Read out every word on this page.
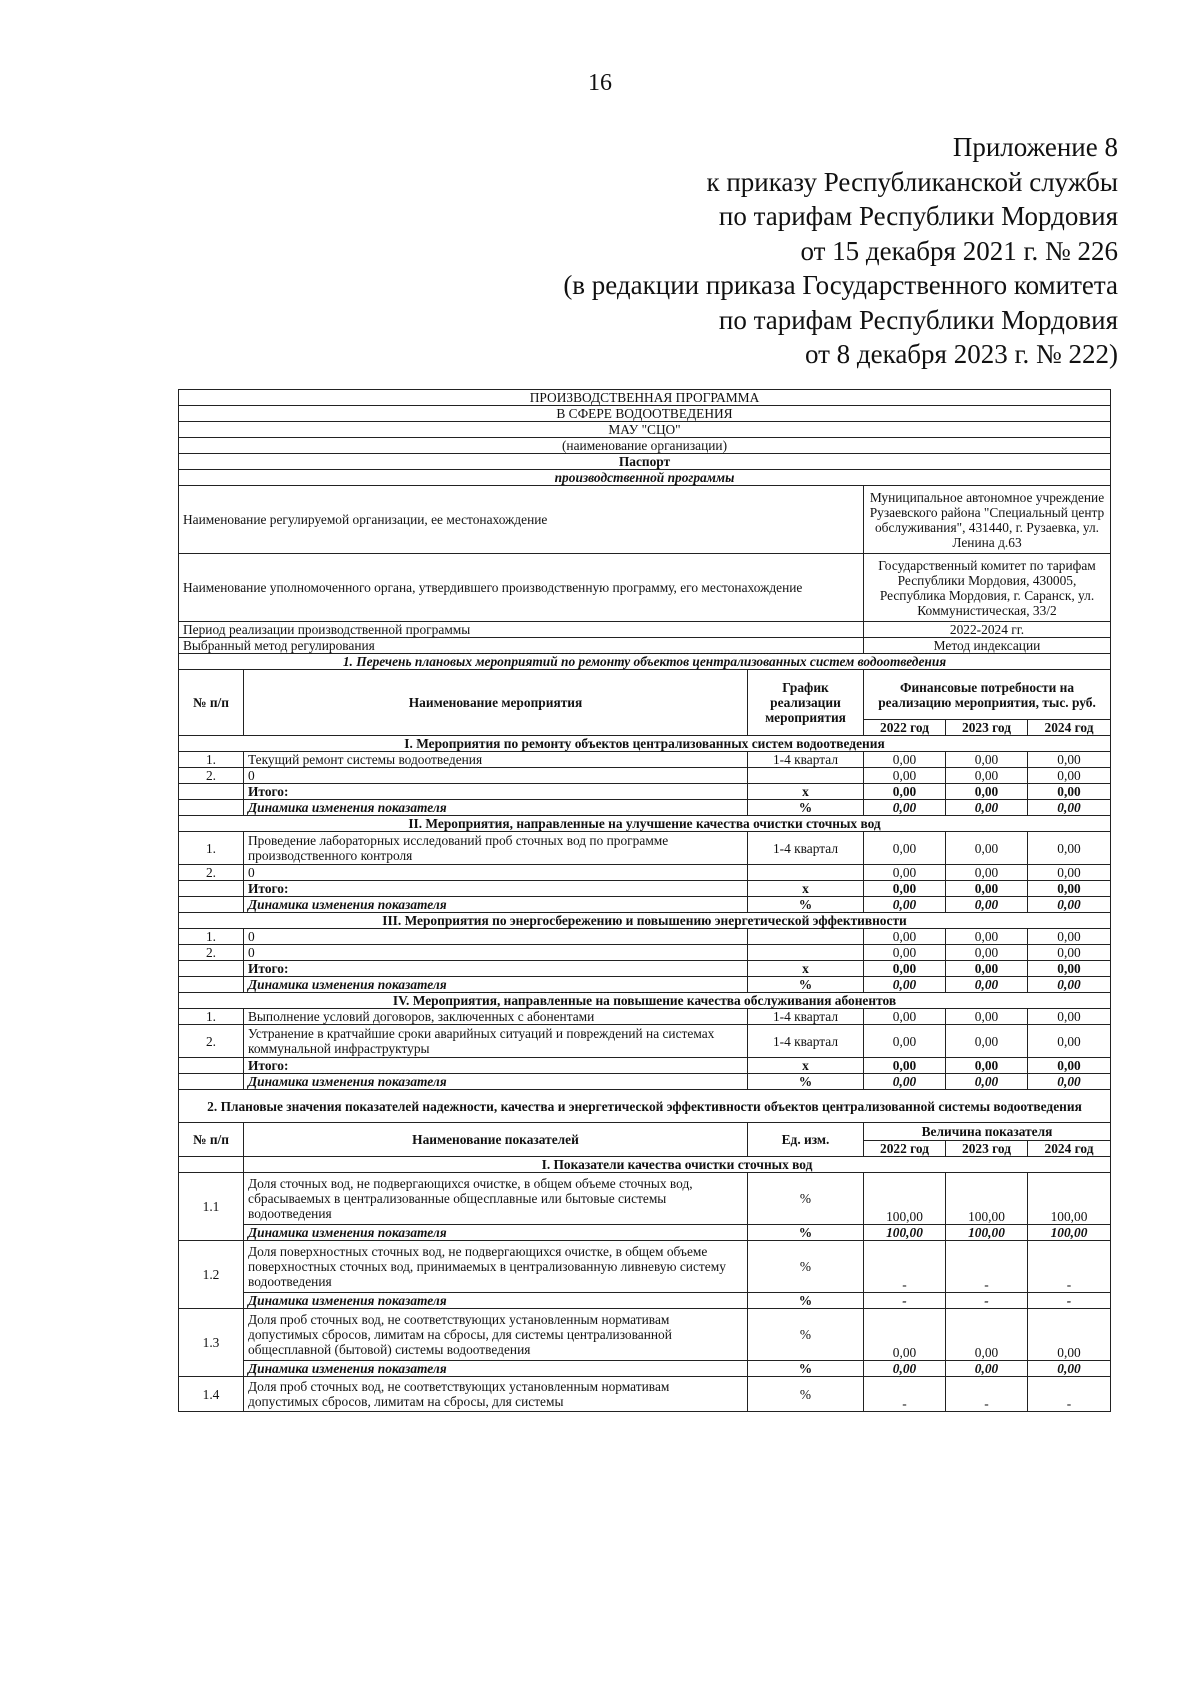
16
Приложение 8
к приказу Республиканской службы
по тарифам Республики Мордовия
от 15 декабря 2021 г. № 226
(в редакции приказа Государственного комитета
по тарифам Республики Мордовия
от 8 декабря 2023 г. № 222)
ПРОИЗВОДСТВЕННАЯ ПРОГРАММА					
В СФЕРЕ ВОДООТВЕДЕНИЯ					
МАУ "СЦО"					
(наименование организации)					
Паспорт					
производственной программы					
Наименование регулируемой организации, ее местонахождение			Муниципальное автономное учреждение Рузаевского района "Специальный центр обслуживания", 431440, г. Рузаевка, ул. Ленина д.63		
Наименование уполномоченного органа, утвердившего производственную программу, его местонахождение			Государственный комитет по тарифам Республики Мордовия, 430005, Республика Мордовия, г. Саранск, ул. Коммунистическая, 33/2		
Период реализации производственной программы			2022-2024 гг.		
Выбранный метод регулирования			Метод индексации		
1. Перечень плановых мероприятий по ремонту объектов централизованных систем водоотведения					
№ п/п	Наименование мероприятия	График реализации мероприятия	Финансовые потребности на реализацию мероприятия, тыс. руб.		
			2022 год	2023 год	2024 год
I. Мероприятия по ремонту объектов централизованных систем водоотведения					
1.	Текущий ремонт системы водоотведения	1-4 квартал	0,00	0,00	0,00
2.	0		0,00	0,00	0,00
	Итого:	х	0,00	0,00	0,00
	Динамика изменения показателя	%	0,00	0,00	0,00
II. Мероприятия, направленные на улучшение качества очистки сточных вод					
1.	Проведение лабораторных исследований проб сточных вод по программе производственного контроля	1-4 квартал	0,00	0,00	0,00
2.	0		0,00	0,00	0,00
	Итого:	х	0,00	0,00	0,00
	Динамика изменения показателя	%	0,00	0,00	0,00
III. Мероприятия по энергосбережению и повышению энергетической эффективности					
1.	0		0,00	0,00	0,00
2.	0		0,00	0,00	0,00
	Итого:	х	0,00	0,00	0,00
	Динамика изменения показателя	%	0,00	0,00	0,00
IV. Мероприятия, направленные на повышение качества обслуживания абонентов					
1.	Выполнение условий договоров, заключенных с абонентами	1-4 квартал	0,00	0,00	0,00
2.	Устранение в кратчайшие сроки аварийных ситуаций и повреждений на системах коммунальной инфраструктуры	1-4 квартал	0,00	0,00	0,00
	Итого:	х	0,00	0,00	0,00
	Динамика изменения показателя	%	0,00	0,00	0,00
2. Плановые значения показателей надежности, качества и энергетической эффективности объектов централизованной системы водоотведения					
№ п/п	Наименование показателей	Ед. изм.	Величина показателя		
			2022 год	2023 год	2024 год
	I. Показатели качества очистки сточных вод				
1.1	Доля сточных вод, не подвергающихся очистке, в общем объеме сточных вод, сбрасываемых в централизованные общесплавные или бытовые системы водоотведения	%	100,00	100,00	100,00
	Динамика изменения показателя	%	100,00	100,00	100,00
1.2	Доля поверхностных сточных вод, не подвергающихся очистке, в общем объеме поверхностных сточных вод, принимаемых в централизованную ливневую систему водоотведения	%	-	-	-
	Динамика изменения показателя	%	-	-	-
1.3	Доля проб сточных вод, не соответствующих установленным нормативам допустимых сбросов, лимитам на сбросы, для системы централизованной общесплавной (бытовой) системы водоотведения	%	0,00	0,00	0,00
	Динамика изменения показателя	%	0,00	0,00	0,00
1.4	Доля проб сточных вод, не соответствующих установленным нормативам допустимых сбросов, лимитам на сбросы, для системы	%	-	-	-
